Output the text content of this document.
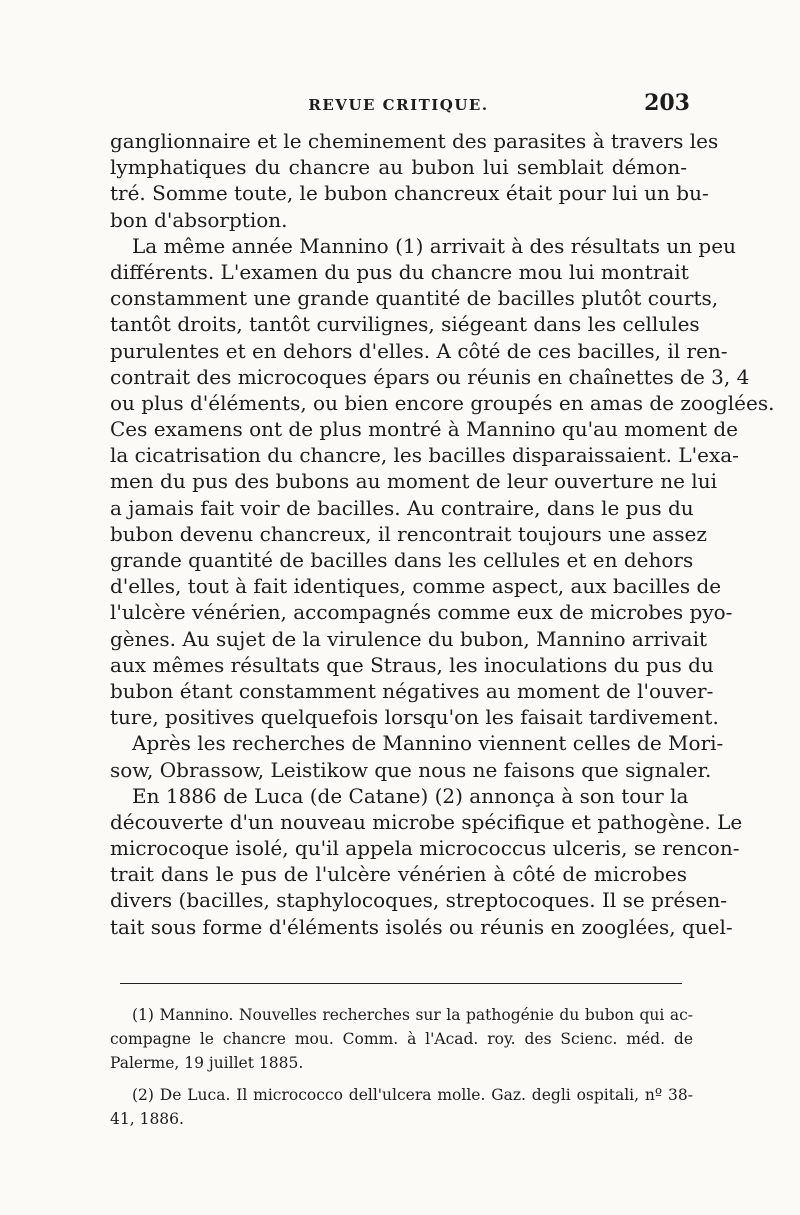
REVUE CRITIQUE.	203
ganglionnaire et le cheminement des parasites à travers les
lymphatiques du chancre au bubon lui semblait démon-
tré. Somme toute, le bubon chancreux était pour lui un bu-
bon d'absorption.
La même année Mannino (1) arrivait à des résultats un peu
différents. L'examen du pus du chancre mou lui montrait
constamment une grande quantité de bacilles plutôt courts,
tantôt droits, tantôt curvilignes, siégeant dans les cellules
purulentes et en dehors d'elles. A côté de ces bacilles, il ren-
contrait des microcoques épars ou réunis en chaînettes de 3, 4
ou plus d'éléments, ou bien encore groupés en amas de zooglées.
Ces examens ont de plus montré à Mannino qu'au moment de
la cicatrisation du chancre, les bacilles disparaissaient. L'exa-
men du pus des bubons au moment de leur ouverture ne lui
a jamais fait voir de bacilles. Au contraire, dans le pus du
bubon devenu chancreux, il rencontrait toujours une assez
grande quantité de bacilles dans les cellules et en dehors
d'elles, tout à fait identiques, comme aspect, aux bacilles de
l'ulcère vénérien, accompagnés comme eux de microbes pyo-
gènes. Au sujet de la virulence du bubon, Mannino arrivait
aux mêmes résultats que Straus, les inoculations du pus du
bubon étant constamment négatives au moment de l'ouver-
ture, positives quelquefois lorsqu'on les faisait tardivement.
Après les recherches de Mannino viennent celles de Mori-
sow, Obrassow, Leistikow que nous ne faisons que signaler.
En 1886 de Luca (de Catane) (2) annonça à son tour la
découverte d'un nouveau microbe spécifique et pathogène. Le
microcoque isolé, qu'il appela micrococcus ulceris, se rencon-
trait dans le pus de l'ulcère vénérien à côté de microbes
divers (bacilles, staphylocoques, streptocoques. Il se présen-
tait sous forme d'éléments isolés ou réunis en zooglées, quel-
(1) Mannino. Nouvelles recherches sur la pathogénie du bubon qui ac-
compagne le chancre mou. Comm. à l'Acad. roy. des Scienc. méd. de
Palerme, 19 juillet 1885.
(2) De Luca. Il micrococco dell'ulcera molle. Gaz. degli ospitali, nº 38-
41, 1886.
